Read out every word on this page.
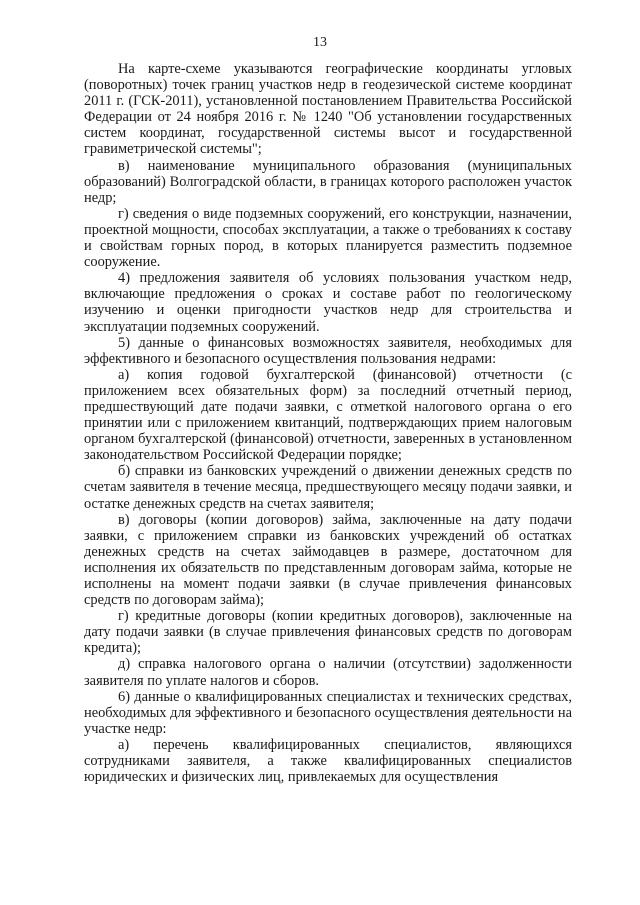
13

На карте-схеме указываются географические координаты угловых (поворотных) точек границ участков недр в геодезической системе координат 2011 г. (ГСК-2011), установленной постановлением Правительства Российской Федерации от 24 ноября 2016 г. № 1240 "Об установлении государственных систем координат, государственной системы высот и государственной гравиметрической системы";

в) наименование муниципального образования (муниципальных образований) Волгоградской области, в границах которого расположен участок недр;

г) сведения о виде подземных сооружений, его конструкции, назначении, проектной мощности, способах эксплуатации, а также о требованиях к составу и свойствам горных пород, в которых планируется разместить подземное сооружение.

4) предложения заявителя об условиях пользования участком недр, включающие предложения о сроках и составе работ по геологическому изучению и оценки пригодности участков недр для строительства и эксплуатации подземных сооружений.

5) данные о финансовых возможностях заявителя, необходимых для эффективного и безопасного осуществления пользования недрами:

а) копия годовой бухгалтерской (финансовой) отчетности (с приложением всех обязательных форм) за последний отчетный период, предшествующий дате подачи заявки, с отметкой налогового органа о его принятии или с приложением квитанций, подтверждающих прием налоговым органом бухгалтерской (финансовой) отчетности, заверенных в установленном законодательством Российской Федерации порядке;

б) справки из банковских учреждений о движении денежных средств по счетам заявителя в течение месяца, предшествующего месяцу подачи заявки, и остатке денежных средств на счетах заявителя;

в) договоры (копии договоров) займа, заключенные на дату подачи заявки, с приложением справки из банковских учреждений об остатках денежных средств на счетах займодавцев в размере, достаточном для исполнения их обязательств по представленным договорам займа, которые не исполнены на момент подачи заявки (в случае привлечения финансовых средств по договорам займа);

г) кредитные договоры (копии кредитных договоров), заключенные на дату подачи заявки (в случае привлечения финансовых средств по договорам кредита);

д) справка налогового органа о наличии (отсутствии) задолженности заявителя по уплате налогов и сборов.

6) данные о квалифицированных специалистах и технических средствах, необходимых для эффективного и безопасного осуществления деятельности на участке недр:

а) перечень квалифицированных специалистов, являющихся сотрудниками заявителя, а также квалифицированных специалистов юридических и физических лиц, привлекаемых для осуществления
